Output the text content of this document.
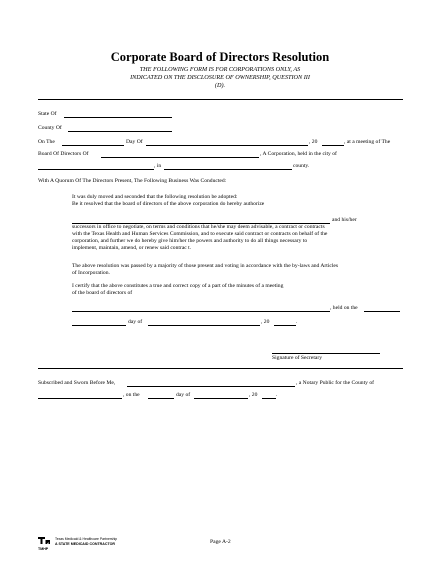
Corporate Board of Directors Resolution
THE FOLLOWING FORM IS FOR CORPORATIONS ONLY, AS
INDICATED ON THE DISCLOSURE OF OWNERSHIP, QUESTION III
(D).
State Of
County Of
On The	Day Of	, 20	, at a meeting of The
Board Of Directors Of	, A Corporation, held in the city of
, in	county.
With A Quorum Of The Directors Present, The Following Business Was Conducted:
It was duly moved and seconded that the following resolution be adopted:
Be it resolved that the board of directors of the above corporation do hereby authorize
and his/her
successors in office to negotiate, on terms and conditions that he/she may deem advisable, a contract or contracts
with the Texas Health and Human Services Commission, and to execute said contract or contracts on behalf of the
corporation, and further we do hereby give him/her the powers and authority to do all things necessary to
implement, maintain, amend, or renew said contrac t.
The above resolution was passed by a majority of those present and voting in accordance with the by-laws and Articles
of Incorporation.
I certify that the above constitutes a true and correct copy of a part of the minutes of a meeting
of the board of directors of
, held on the
day of	, 20	.
Signature of Secretary
Subscribed and Sworn Before Me,	, a Notary Public for the County of
, on the	day of	, 20	.
TMHP
Texas Medicaid & Healthcare Partnership
A STATE MEDICAID CONTRACTOR	Page A-2
